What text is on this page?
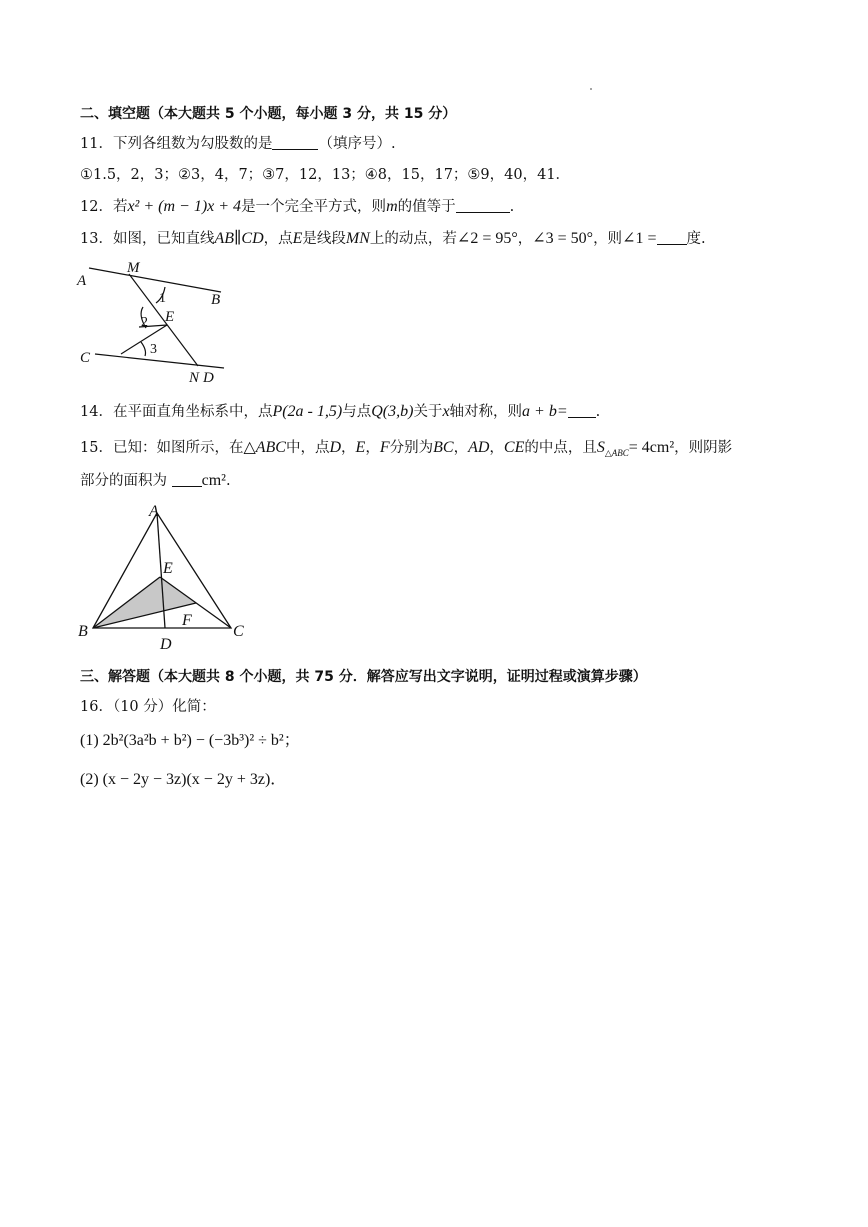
二、填空题（本大题共 5 个小题，每小题 3 分，共 15 分）
11．下列各组数为勾股数的是	（填序号）.
①1.5，2，3；②3，4，7；③7，12，13；④8，15，17；⑤9，40，41．
12．若x² + (m − 1)x + 4是一个完全平方式，则m的值等于	.
13．如图，已知直线AB∥CD，点E是线段MN上的动点，若∠2 = 95°，∠3 = 50°，则∠1 = 度.
A
M
B
E
C
N D
1
2
3
14．在平面直角坐标系中，点P(2a - 1,5)与点Q(3,b)关于x轴对称，则a + b= .
15．已知：如图所示，在△ABC中，点D，E，F分别为BC，AD，CE的中点，且$S_{\triangle ABC}= 4cm^2$，则阴影
部分的面积为 cm².
A
E
F
B
D
C
三、解答题（本大题共 8 个小题，共 75 分．解答应写出文字说明，证明过程或演算步骤）
16．（10 分）化简：
(1) 2b²(3a²b + b²) − (−3b³)² ÷ b²；
(2) (x − 2y − 3z)(x − 2y + 3z)．
